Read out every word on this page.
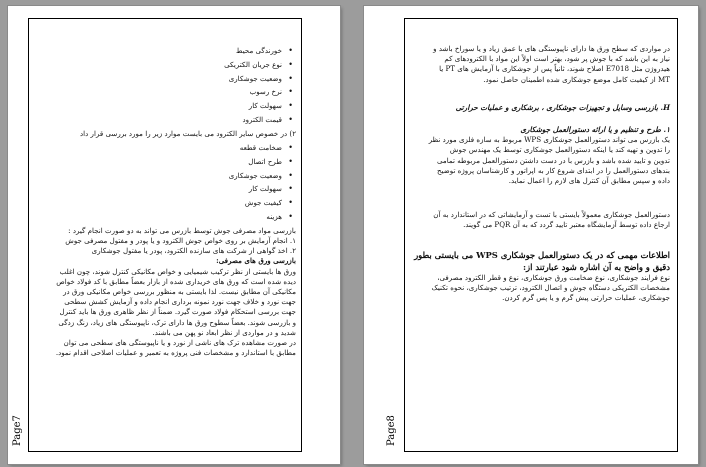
Page7
• خورندگی محیط
• نوع جریان الکتریکی
• وضعیت جوشکاری
• نرخ رسوب
• سهولت کار
• قیمت الکترود

۲) در خصوص سایر الکترود می بایست موارد زیر را مورد بررسی قرار داد

• ضخامت قطعه
• طرح اتصال
• وضعیت جوشکاری
• سهولت کار
• کیفیت جوش
• هزینه

بازرسی مواد مصرفی جوش توسط بازرس می تواند به دو صورت انجام گیرد :

۱. انجام آزمایش بر روی خواص جوش الکترود و یا پودر و مفتول مصرفی جوش

۲. اخذ گواهی از شرکت های سازنده الکترود، پودر یا مفتول جوشکاری

بازرسی ورق های مصرفی:

ورق ها بایستی از نظر ترکیب شیمیایی و خواص مکانیکی کنترل شوند، چون اغلب

دیده شده است که ورق های خریداری شده از بازار بعضاً مطابق با کد فولاد خواص

مکانیکی آن مطابق نیست. لذا بایستی به منظور بررسی خواص مکانیکی ورق در

جهت نورد و خلاف جهت نورد نمونه برداری انجام داده و آزمایش کشش سطحی

جهت بررسی استحکام فولاد صورت گیرد. ضمناً از نظر ظاهری ورق ها باید کنترل

و بازرسی شوند. بعضاً سطوح ورق ها دارای ترک، ناپیوستگی های زیاد، زنگ زدگی

شدید و در مواردی از نظر ابعاد نو پهن می باشند.

در صورت مشاهده ترک های ناشی از نورد و یا ناپیوستگی های سطحی می توان

مطابق با استاندارد و مشخصات فنی پروژه به تعمیر و عملیات اصلاحی اقدام نمود.

Page8

در مواردی که سطح ورق ها دارای ناپیوستگی های با عمق زیاد و یا سوراخ باشد و

نیاز به این باشد که با جوش پر شود، بهتر است اولاً این مواد با الکترودهای کم

هیدروژن مثل E7018 اصلاح شوند، ثانیاً پس از جوشکاری با آزمایش های PT یا

MT از کیفیت کامل موضع جوشکاری شده اطمینان حاصل نمود.

H. بازرسی وسایل و تجهیزات جوشکاری ، برشکاری و عملیات حرارتی

۱. طرح و تنظیم و یا ارائه دستورالعمل جوشکاری

یک بازرس می تواند دستورالعمل جوشکاری WPS مربوط به سازه فلزی مورد نظر

را تدوین و تهیه کند یا اینکه دستورالعمل جوشکاری توسط یک مهندس جوش

تدوین و تایید شده باشد و بازرس با در دست داشتن دستورالعمل مربوطه تمامی

بندهای دستورالعمل را در ابتدای شروع کار به اپراتور و کارشناسان پروژه توضیح

داده و سپس مطابق آن کنترل های لازم را اعمال نماید.

دستورالعمل جوشکاری معمولاً بایستی با تست و آزمایشاتی که در استاندارد به آن

ارجاع داده توسط آزمایشگاه معتبر تایید گردد که به آن PQR می گویند.

اطلاعات مهمی که در یک دستورالعمل جوشکاری WPS می بایستی بطور

دقیق و واضح به آن اشاره شود عبارتند از:

نوع فرایند جوشکاری، نوع ضخامت ورق جوشکاری، نوع و قطر الکترود مصرفی،

مشخصات الکتریکی دستگاه جوش و اتصال الکترود، ترتیب جوشکاری، نحوه تکنیک

جوشکاری، عملیات حرارتی پیش گرم و یا پس گرم کردن.
